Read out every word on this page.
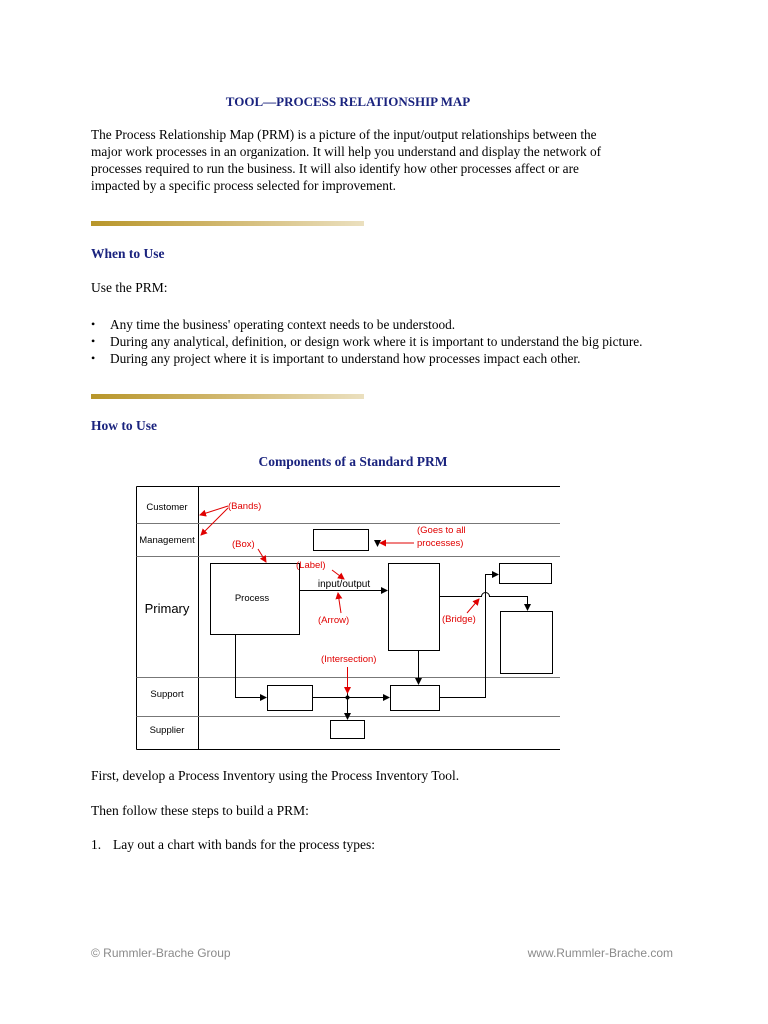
TOOL—PROCESS RELATIONSHIP MAP

The Process Relationship Map (PRM) is a picture of the input/output relationships between the major work processes in an organization. It will help you understand and display the network of processes required to run the business. It will also identify how other processes affect or are impacted by a specific process selected for improvement.

When to Use

Use the PRM:

• Any time the business' operating context needs to be understood.
• During any analytical, definition, or design work where it is important to understand the big picture.
• During any project where it is important to understand how processes impact each other.
How to Use
Components of a Standard PRM
Customer
Management
Primary
Support
Supplier
Process
input/output
(Bands)
(Box)
(Goes to all
processes)
(Label)
(Arrow)	(Bridge)
(Intersection)

First, develop a Process Inventory using the Process Inventory Tool.

Then follow these steps to build a PRM:

1. Lay out a chart with bands for the process types:

© Rummler-Brache Group	www.Rummler-Brache.com
